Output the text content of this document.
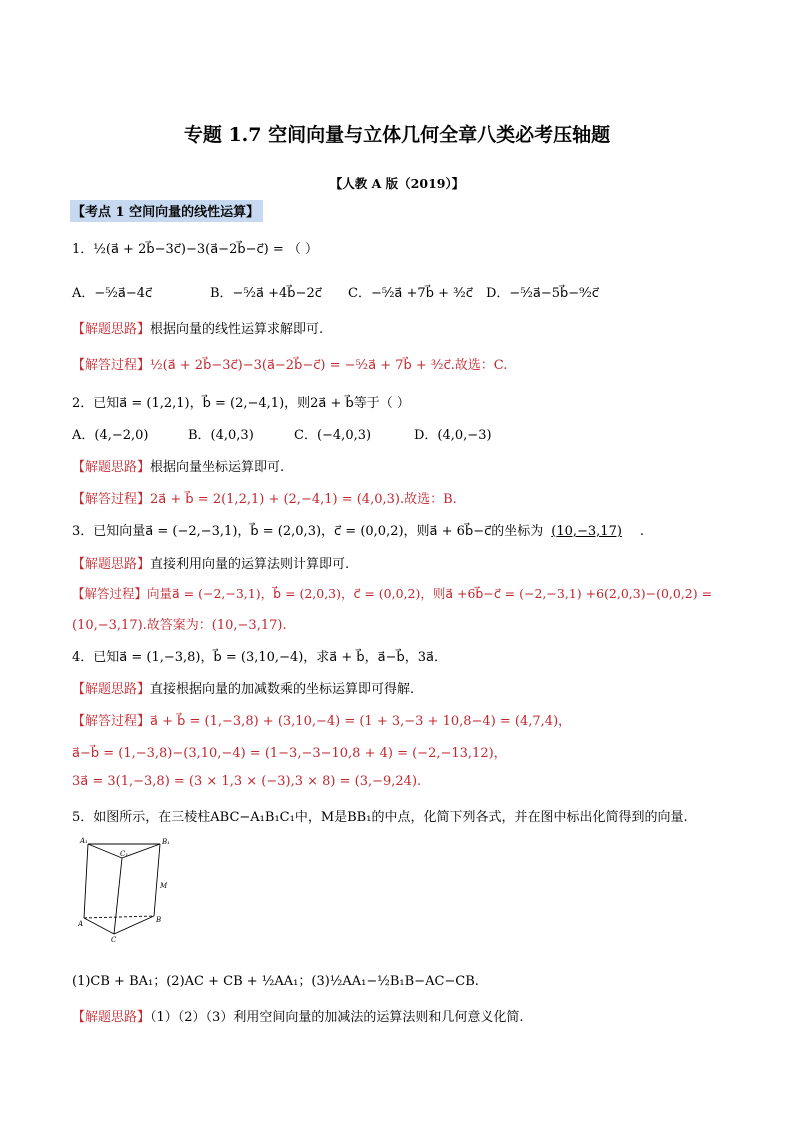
专题 1.7 空间向量与立体几何全章八类必考压轴题
【人教 A 版（2019）】
【考点 1 空间向量的线性运算】
1．½(a⃗ + 2b⃗−3c⃗)−3(a⃗−2b⃗−c⃗) = （ ）
A．−⁵⁄₂a⃗−4c⃗	B．−⁵⁄₂a⃗ +4b⃗−2c⃗ C．−⁵⁄₂a⃗ +7b⃗ + ³⁄₂c⃗ D．−⁵⁄₂a⃗−5b⃗−⁹⁄₂c⃗
【解题思路】根据向量的线性运算求解即可.
【解答过程】½(a⃗ + 2b⃗−3c⃗)−3(a⃗−2b⃗−c⃗) = −⁵⁄₂a⃗ + 7b⃗ + ³⁄₂c⃗.故选：C.
2．已知a⃗ = (1,2,1)，b⃗ = (2,−4,1)，则2a⃗ + b⃗等于（ ）
A．(4,−2,0)	B．(4,0,3)	C．(−4,0,3)	D．(4,0,−3)
【解题思路】根据向量坐标运算即可.
【解答过程】2a⃗ + b⃗ = 2(1,2,1) + (2,−4,1) = (4,0,3).故选：B.
3．已知向量a⃗ = (−2,−3,1)，b⃗ = (2,0,3)，c⃗ = (0,0,2)，则a⃗ + 6b⃗−c⃗的坐标为 (10,−3,17) .
【解题思路】直接利用向量的运算法则计算即可.
【解答过程】向量a⃗ = (−2,−3,1)，b⃗ = (2,0,3)，c⃗ = (0,0,2)，则a⃗ +6b⃗−c⃗ = (−2,−3,1) +6(2,0,3)−(0,0,2) =
(10,−3,17).故答案为：(10,−3,17).
4．已知a⃗ = (1,−3,8)，b⃗ = (3,10,−4)，求a⃗ + b⃗，a⃗−b⃗，3a⃗．
【解题思路】直接根据向量的加减数乘的坐标运算即可得解.
【解答过程】a⃗ + b⃗ = (1,−3,8) + (3,10,−4) = (1 + 3,−3 + 10,8−4) = (4,7,4)，
a⃗−b⃗ = (1,−3,8)−(3,10,−4) = (1−3,−3−10,8 + 4) = (−2,−13,12)，
3a⃗ = 3(1,−3,8) = (3 × 1,3 × (−3),3 × 8) = (3,−9,24).
5．如图所示，在三棱柱ABC−A₁B₁C₁中，M是BB₁的中点，化简下列各式，并在图中标出化简得到的向量.
A₁
C₁
B₁
M
A
C
B
(1)CB + BA₁；(2)AC + CB + ½AA₁；(3)½AA₁−½B₁B−AC−CB.
【解题思路】（1）（2）（3）利用空间向量的加减法的运算法则和几何意义化简.
